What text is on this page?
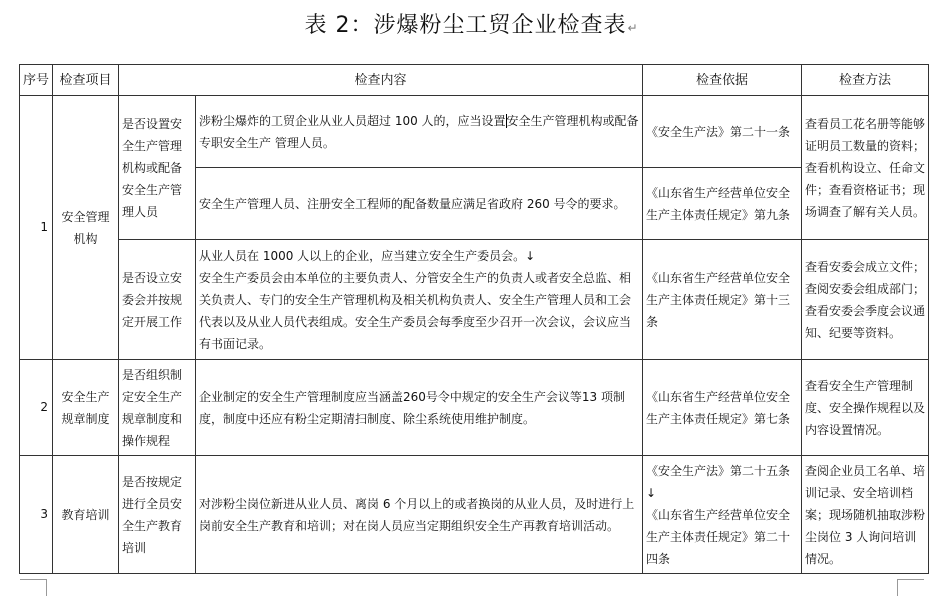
表 2：涉爆粉尘工贸企业检查表↵
序号	检查项目	检查内容		检查依据	检查方法
1	安全管理机构	是否设置安全生产管理机构或配备安全生产管理人员	涉粉尘爆炸的工贸企业从业人员超过 100 人的，应当设置安全生产管理机构或配备专职安全生产 管理人员。	《安全生产法》第二十一条	查看员工花名册等能够证明员工数量的资料；查看机构设立、任命文件；查看资格证书；现场调查了解有关人员。
			安全生产管理人员、注册安全工程师的配备数量应满足省政府 260 号令的要求。	《山东省生产经营单位安全生产主体责任规定》第九条	
		是否设立安委会并按规定开展工作	从业人员在 1000 人以上的企业，应当建立安全生产委员会。↓
安全生产委员会由本单位的主要负责人、分管安全生产的负责人或者安全总监、相关负责人、专门的安全生产管理机构及相关机构负责人、安全生产管理人员和工会代表以及从业人员代表组成。安全生产委员会每季度至少召开一次会议，会议应当有书面记录。	《山东省生产经营单位安全生产主体责任规定》第十三条	查看安委会成立文件；查阅安委会组成部门；查看安委会季度会议通知、纪要等资料。
2	安全生产规章制度	是否组织制定安全生产规章制度和操作规程	企业制定的安全生产管理制度应当涵盖260号令中规定的安全生产会议等13 项制度，制度中还应有粉尘定期清扫制度、除尘系统使用维护制度。	《山东省生产经营单位安全生产主体责任规定》第七条	查看安全生产管理制度、安全操作规程以及内容设置情况。
3	教育培训	是否按规定进行全员安全生产教育培训	对涉粉尘岗位新进从业人员、离岗 6 个月以上的或者换岗的从业人员，及时进行上岗前安全生产教育和培训；对在岗人员应当定期组织安全生产再教育培训活动。	《安全生产法》第二十五条↓
《山东省生产经营单位安全生产主体责任规定》第二十四条	查阅企业员工名单、培训记录、安全培训档案；现场随机抽取涉粉尘岗位 3 人询问培训情况。
